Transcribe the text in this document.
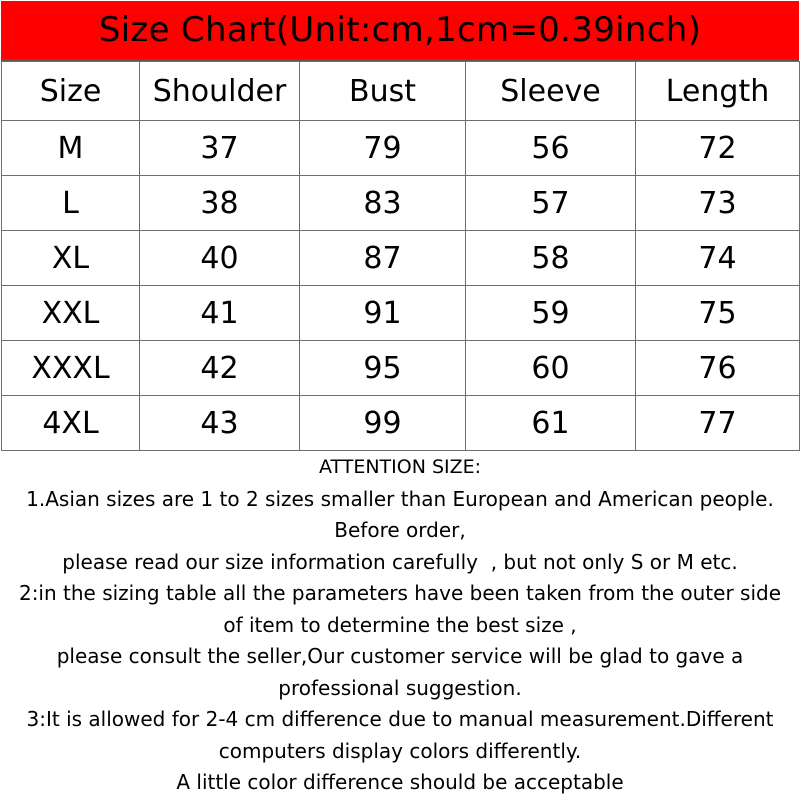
Size Chart(Unit:cm,1cm=0.39inch)
Size	Shoulder	Bust	Sleeve	Length
M	37	79	56	72
L	38	83	57	73
XL	40	87	58	74
XXL	41	91	59	75
XXXL	42	95	60	76
4XL	43	99	61	77
ATTENTION SIZE:
1.Asian sizes are 1 to 2 sizes smaller than European and American people.
Before order,
please read our size information carefully  , but not only S or M etc.
2:in the sizing table all the parameters have been taken from the outer side
of item to determine the best size ,
please consult the seller,Our customer service will be glad to gave a
professional suggestion.
3:It is allowed for 2-4 cm difference due to manual measurement.Different
computers display colors differently.
A little color difference should be acceptable
